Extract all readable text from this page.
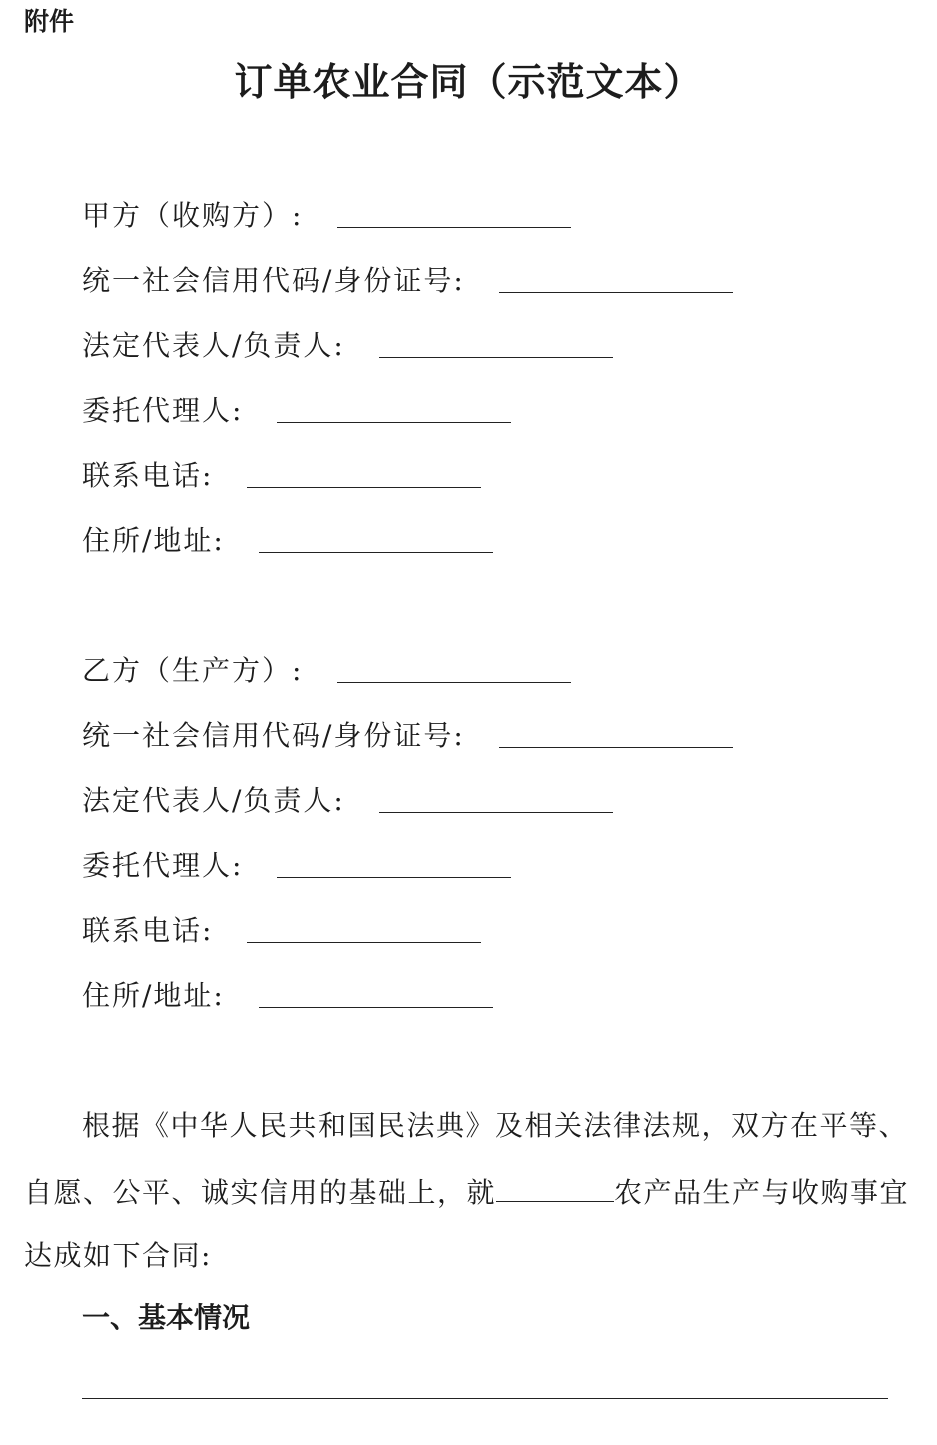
附件
订单农业合同（示范文本）
甲方（收购方）:
统一社会信用代码/身份证号:
法定代表人/负责人:
委托代理人:
联系电话:
住所/地址:
乙方（生产方）:
统一社会信用代码/身份证号:
法定代表人/负责人:
委托代理人:
联系电话:
住所/地址:
根据《中华人民共和国民法典》及相关法律法规，双方在平等、
自愿、公平、诚实信用的基础上，就	农产品生产与收购事宜
达成如下合同:
一、基本情况
